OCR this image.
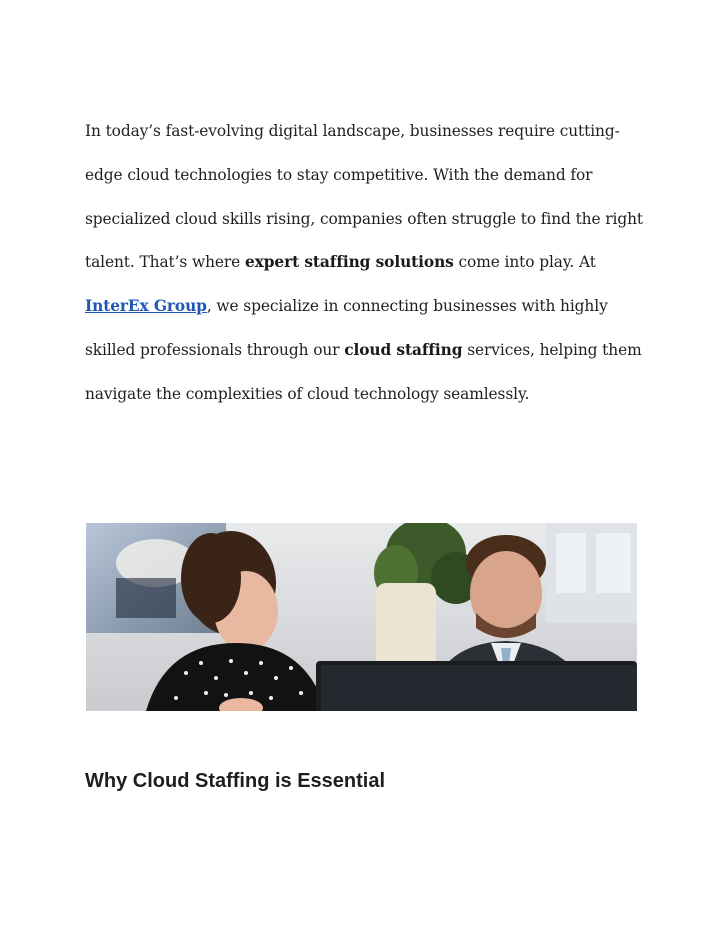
In today’s fast-evolving digital landscape, businesses require cutting-edge cloud technologies to stay competitive. With the demand for specialized cloud skills rising, companies often struggle to find the right talent. That’s where expert staffing solutions come into play. At InterEx Group, we specialize in connecting businesses with highly skilled professionals through our cloud staffing services, helping them navigate the complexities of cloud technology seamlessly.

Why Cloud Staffing is Essential
